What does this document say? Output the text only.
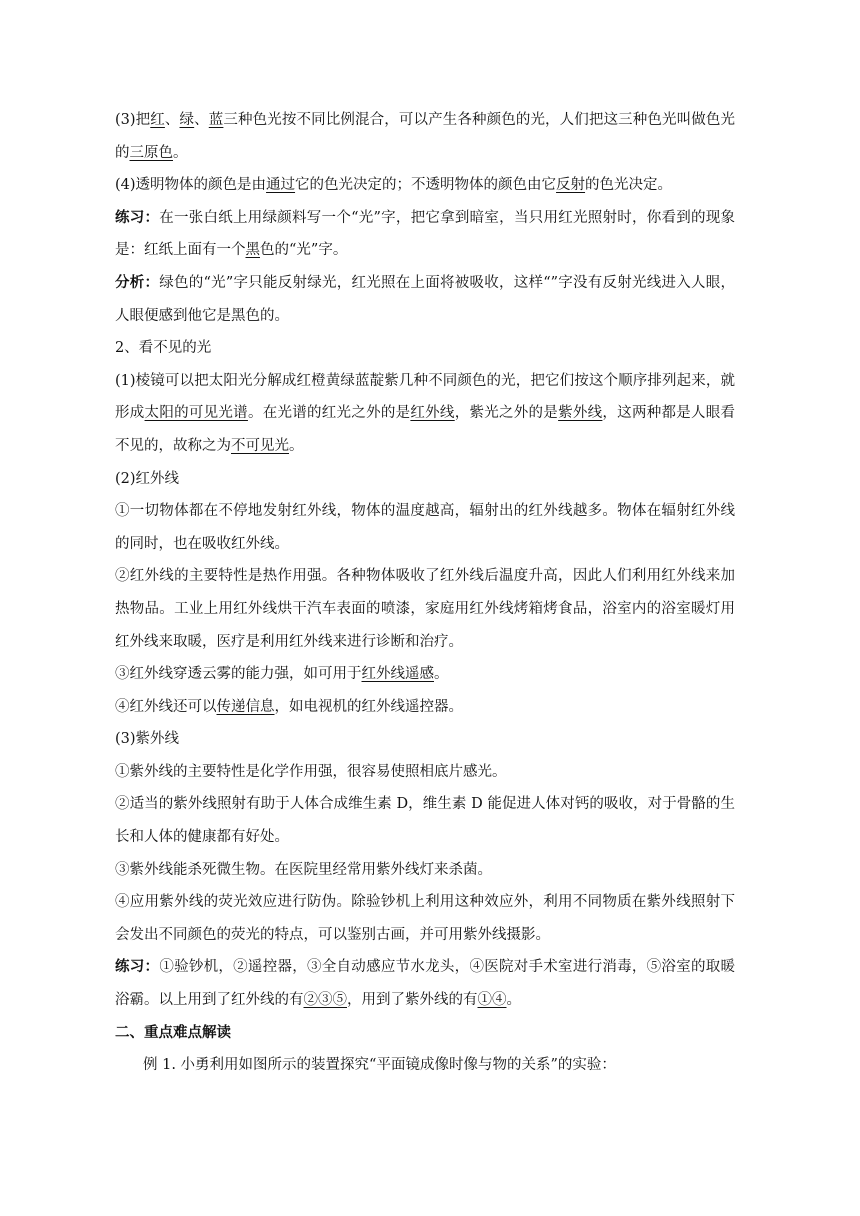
(3)把红、绿、蓝三种色光按不同比例混合，可以产生各种颜色的光，人们把这三种色光叫做色光的三原色。

(4)透明物体的颜色是由通过它的色光决定的；不透明物体的颜色由它反射的色光决定。

练习：在一张白纸上用绿颜料写一个“光”字，把它拿到暗室，当只用红光照射时，你看到的现象是：红纸上面有一个黑色的“光”字。

分析：绿色的“光”字只能反射绿光，红光照在上面将被吸收，这样“”字没有反射光线进入人眼，人眼便感到他它是黑色的。

2、看不见的光

(1)棱镜可以把太阳光分解成红橙黄绿蓝靛紫几种不同颜色的光，把它们按这个顺序排列起来，就形成太阳的可见光谱。在光谱的红光之外的是红外线，紫光之外的是紫外线，这两种都是人眼看不见的，故称之为不可见光。

(2)红外线

①一切物体都在不停地发射红外线，物体的温度越高，辐射出的红外线越多。物体在辐射红外线的同时，也在吸收红外线。

②红外线的主要特性是热作用强。各种物体吸收了红外线后温度升高，因此人们利用红外线来加热物品。工业上用红外线烘干汽车表面的喷漆，家庭用红外线烤箱烤食品，浴室内的浴室暖灯用红外线来取暖，医疗是利用红外线来进行诊断和治疗。

③红外线穿透云雾的能力强，如可用于红外线遥感。

④红外线还可以传递信息，如电视机的红外线遥控器。

(3)紫外线

①紫外线的主要特性是化学作用强，很容易使照相底片感光。

②适当的紫外线照射有助于人体合成维生素 D，维生素 D 能促进人体对钙的吸收，对于骨骼的生长和人体的健康都有好处。

③紫外线能杀死微生物。在医院里经常用紫外线灯来杀菌。

④应用紫外线的荧光效应进行防伪。除验钞机上利用这种效应外，利用不同物质在紫外线照射下会发出不同颜色的荧光的特点，可以鉴别古画，并可用紫外线摄影。

练习：①验钞机，②遥控器，③全自动感应节水龙头，④医院对手术室进行消毒，⑤浴室的取暖浴霸。以上用到了红外线的有②③⑤，用到了紫外线的有①④。

二、重点难点解读

例 1. 小勇利用如图所示的装置探究“平面镜成像时像与物的关系”的实验：
